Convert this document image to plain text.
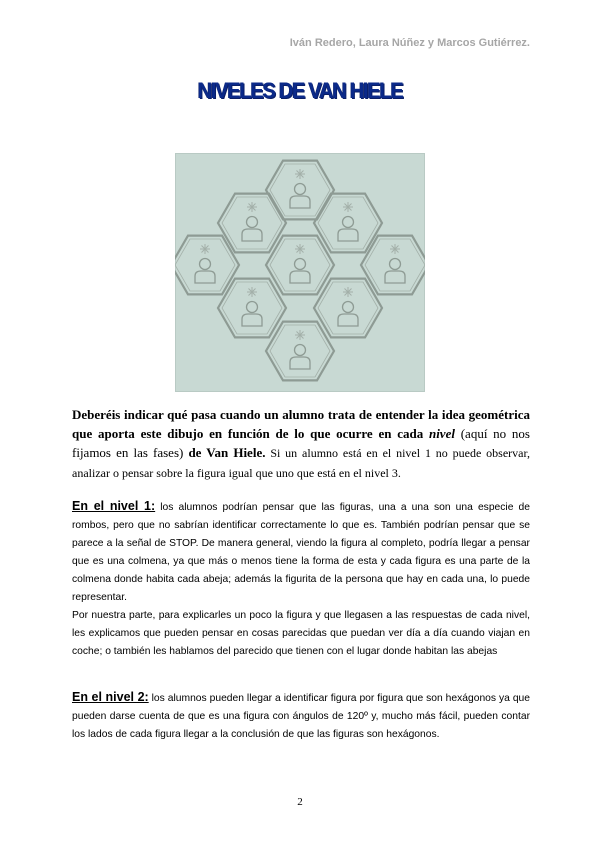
Iván Redero, Laura Núñez y Marcos Gutiérrez.
NIVELES DE VAN HIELE
Deberéis indicar qué pasa cuando un alumno trata de entender la idea geométrica que aporta este dibujo en función de lo que ocurre en cada nivel (aquí no nos fijamos en las fases) de Van Hiele. Si un alumno está en el nivel 1 no puede observar, analizar o pensar sobre la figura igual que uno que está en el nivel 3.

En el nivel 1: los alumnos podrían pensar que las figuras, una a una son una especie de rombos, pero que no sabrían identificar correctamente lo que es. También podrían pensar que se parece a la señal de STOP. De manera general, viendo la figura al completo, podría llegar a pensar que es una colmena, ya que más o menos tiene la forma de esta y cada figura es una parte de la colmena donde habita cada abeja; además la figurita de la persona que hay en cada una, lo puede representar.

Por nuestra parte, para explicarles un poco la figura y que llegasen a las respuestas de cada nivel, les explicamos que pueden pensar en cosas parecidas que puedan ver día a día cuando viajan en coche; o también les hablamos del parecido que tienen con el lugar donde habitan las abejas

En el nivel 2: los alumnos pueden llegar a identificar figura por figura que son hexágonos ya que pueden darse cuenta de que es una figura con ángulos de 120º y, mucho más fácil, pueden contar los lados de cada figura llegar a la conclusión de que las figuras son hexágonos.

2
